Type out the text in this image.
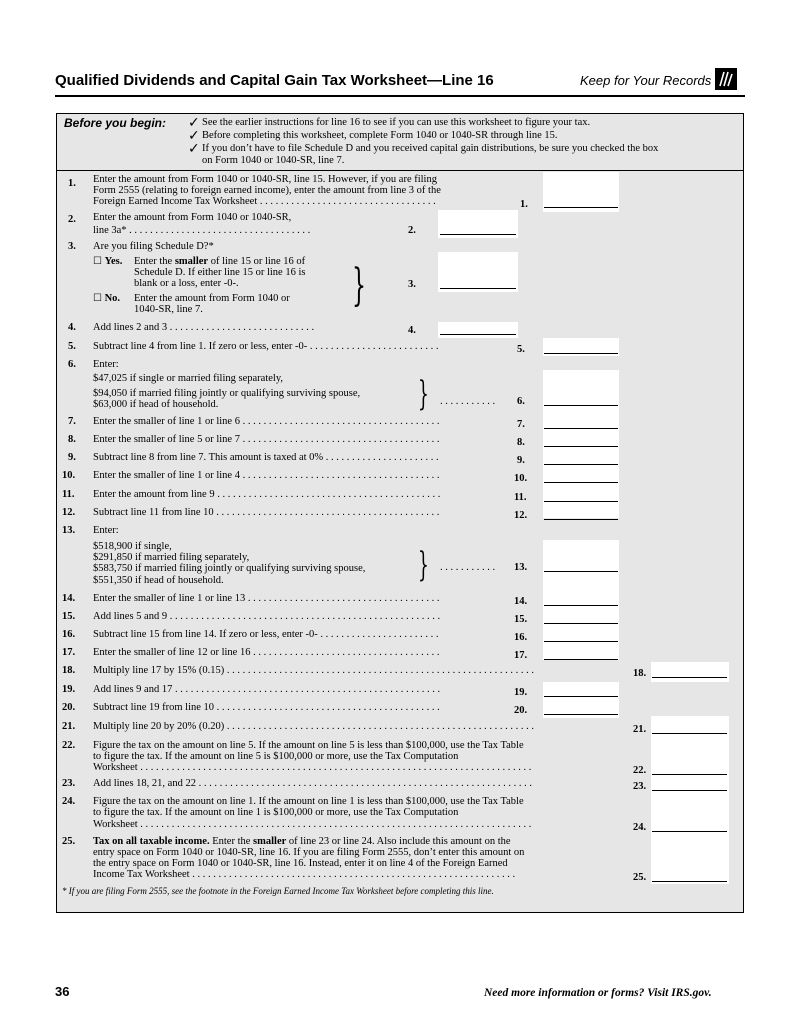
Qualified Dividends and Capital Gain Tax Worksheet—Line 16	Keep for Your Records
Before you begin: ✓
✓
✓
See the earlier instructions for line 16 to see if you can use this worksheet to figure your tax.
Before completing this worksheet, complete Form 1040 or 1040-SR through line 15.
If you don’t have to file Schedule D and you received capital gain distributions, be sure you checked the box
on Form 1040 or 1040-SR, line 7.
1. Enter the amount from Form 1040 or 1040-SR, line 15. However, if you are filing
Form 2555 (relating to foreign earned income), enter the amount from line 3 of the
Foreign Earned Income Tax Worksheet . . . . . . . . . . . . . . . . . . . . . . . . . . . . . . . . . .	1.
2. Enter the amount from Form 1040 or 1040-SR,
line 3a* . . . . . . . . . . . . . . . . . . . . . . . . . . . . . . . . . . .	2.
3. Are you filing Schedule D?*
☐ Yes. Enter the smaller of line 15 or line 16 of
Schedule D. If either line 15 or line 16 is
blank or a loss, enter -0-.
☐ No. Enter the amount from Form 1040 or
1040-SR, line 7.	}	3.
4. Add lines 2 and 3 . . . . . . . . . . . . . . . . . . . . . . . . . . . .	4.
5. Subtract line 4 from line 1. If zero or less, enter -0- . . . . . . . . . . . . . . . . . . . . . . . . .	5.
6. Enter:
$47,025 if single or married filing separately,
$94,050 if married filing jointly or qualifying surviving spouse,
$63,000 if head of household.	} . . . . . . . . . . . 6.
7. Enter the smaller of line 1 or line 6 . . . . . . . . . . . . . . . . . . . . . . . . . . . . . . . . . . . . . .	7.
8. Enter the smaller of line 5 or line 7 . . . . . . . . . . . . . . . . . . . . . . . . . . . . . . . . . . . . . .	8.
9. Subtract line 8 from line 7. This amount is taxed at 0% . . . . . . . . . . . . . . . . . . . . . .	9.
10. Enter the smaller of line 1 or line 4 . . . . . . . . . . . . . . . . . . . . . . . . . . . . . . . . . . . . . .	10.
11. Enter the amount from line 9 . . . . . . . . . . . . . . . . . . . . . . . . . . . . . . . . . . . . . . . . . . .	11.
12. Subtract line 11 from line 10 . . . . . . . . . . . . . . . . . . . . . . . . . . . . . . . . . . . . . . . . . . .	12.
13. Enter:
$518,900 if single,
$291,850 if married filing separately,
$583,750 if married filing jointly or qualifying surviving spouse,
$551,350 if head of household.	} . . . . . . . . . . . 13.
14. Enter the smaller of line 1 or line 13 . . . . . . . . . . . . . . . . . . . . . . . . . . . . . . . . . . . . .	14.
15. Add lines 5 and 9 . . . . . . . . . . . . . . . . . . . . . . . . . . . . . . . . . . . . . . . . . . . . . . . . . . . .	15.
16. Subtract line 15 from line 14. If zero or less, enter -0- . . . . . . . . . . . . . . . . . . . . . . .	16.
17. Enter the smaller of line 12 or line 16 . . . . . . . . . . . . . . . . . . . . . . . . . . . . . . . . . . . .	17.
18. Multiply line 17 by 15% (0.15) . . . . . . . . . . . . . . . . . . . . . . . . . . . . . . . . . . . . . . . . . . . . . . . . . . . . . . . . . . .	18.
19. Add lines 9 and 17 . . . . . . . . . . . . . . . . . . . . . . . . . . . . . . . . . . . . . . . . . . . . . . . . . . .	19.
20. Subtract line 19 from line 10 . . . . . . . . . . . . . . . . . . . . . . . . . . . . . . . . . . . . . . . . . . .	20.
21. Multiply line 20 by 20% (0.20) . . . . . . . . . . . . . . . . . . . . . . . . . . . . . . . . . . . . . . . . . . . . . . . . . . . . . . . . . . .	21.
22. Figure the tax on the amount on line 5. If the amount on line 5 is less than $100,000, use the Tax Table
to figure the tax. If the amount on line 5 is $100,000 or more, use the Tax Computation
Worksheet . . . . . . . . . . . . . . . . . . . . . . . . . . . . . . . . . . . . . . . . . . . . . . . . . . . . . . . . . . . . . . . . . . . . . . . . . . .	22.
23. Add lines 18, 21, and 22 . . . . . . . . . . . . . . . . . . . . . . . . . . . . . . . . . . . . . . . . . . . . . . . . . . . . . . . . . . . . . . . .	23.
24. Figure the tax on the amount on line 1. If the amount on line 1 is less than $100,000, use the Tax Table
to figure the tax. If the amount on line 1 is $100,000 or more, use the Tax Computation
Worksheet . . . . . . . . . . . . . . . . . . . . . . . . . . . . . . . . . . . . . . . . . . . . . . . . . . . . . . . . . . . . . . . . . . . . . . . . . . .	24.
25. Tax on all taxable income. Enter the smaller of line 23 or line 24. Also include this amount on the
entry space on Form 1040 or 1040-SR, line 16. If you are filing Form 2555, don’t enter this amount on
the entry space on Form 1040 or 1040-SR, line 16. Instead, enter it on line 4 of the Foreign Earned
Income Tax Worksheet . . . . . . . . . . . . . . . . . . . . . . . . . . . . . . . . . . . . . . . . . . . . . . . . . . . . . . . . . . . . . .	25.
* If you are filing Form 2555, see the footnote in the Foreign Earned Income Tax Worksheet before completing this line.
36	Need more information or forms? Visit IRS.gov.
